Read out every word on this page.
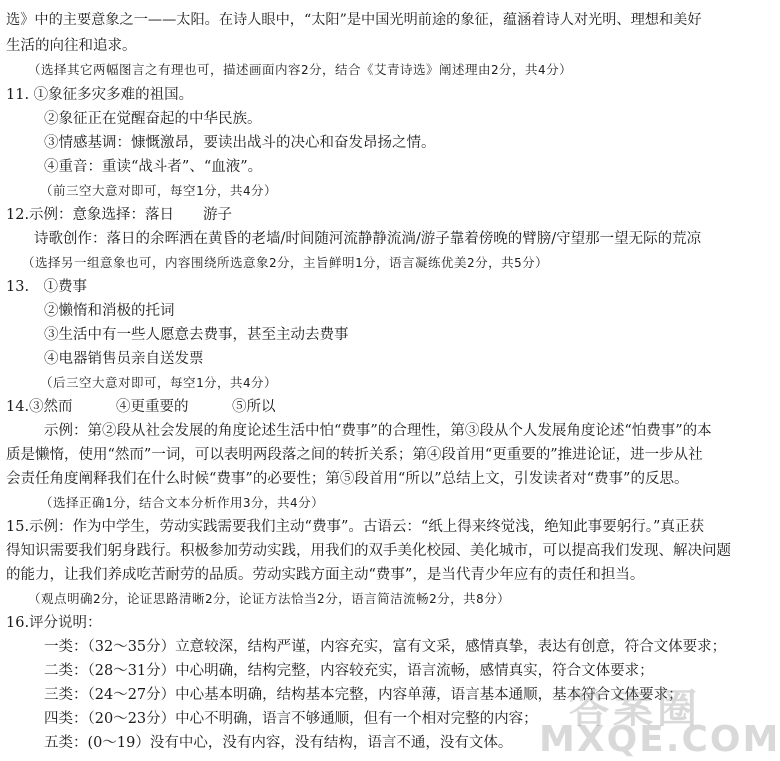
选》中的主要意象之一——太阳。在诗人眼中，“太阳”是中国光明前途的象征，蕴涵着诗人对光明、理想和美好
生活的向往和追求。
（选择其它两幅图言之有理也可，描述画面内容2分，结合《艾青诗选》阐述理由2分，共4分）
11. ①象征多灾多难的祖国。
②象征正在觉醒奋起的中华民族。
③情感基调：慷慨激昂，要读出战斗的决心和奋发昂扬之情。
④重音：重读“战斗者”、“血液”。
（前三空大意对即可，每空1分，共4分）
12.示例：意象选择：落日　　游子
诗歌创作：落日的余晖洒在黄昏的老墙/时间随河流静静流淌/游子靠着傍晚的臂膀/守望那一望无际的荒凉
（选择另一组意象也可，内容围绕所选意象2分，主旨鲜明1分，语言凝练优美2分，共5分）
13.　①费事
②懒惰和消极的托词
③生活中有一些人愿意去费事，甚至主动去费事
④电器销售员亲自送发票
（后三空大意对即可，每空1分，共4分）
14.③然而　　　④更重要的　　　⑤所以
示例：第②段从社会发展的角度论述生活中怕“费事”的合理性，第③段从个人发展角度论述“怕费事”的本
质是懒惰，使用“然而”一词，可以表明两段落之间的转折关系；第④段首用“更重要的”推进论证，进一步从社
会责任角度阐释我们在什么时候“费事”的必要性；第⑤段首用“所以”总结上文，引发读者对“费事”的反思。
（选择正确1分，结合文本分析作用3分，共4分）
15.示例：作为中学生，劳动实践需要我们主动“费事”。古语云：“纸上得来终觉浅，绝知此事要躬行。”真正获
得知识需要我们躬身践行。积极参加劳动实践，用我们的双手美化校园、美化城市，可以提高我们发现、解决问题
的能力，让我们养成吃苦耐劳的品质。劳动实践方面主动“费事”，是当代青少年应有的责任和担当。
（观点明确2分，论证思路清晰2分，论证方法恰当2分，语言简洁流畅2分，共8分）
16.评分说明：
一类：（32～35分）立意较深，结构严谨，内容充实，富有文采，感情真挚，表达有创意，符合文体要求；
二类：（28～31分）中心明确，结构完整，内容较充实，语言流畅，感情真实，符合文体要求；
三类：（24～27分）中心基本明确，结构基本完整，内容单薄，语言基本通顺，基本符合文体要求；
四类：（20～23分）中心不明确，语言不够通顺，但有一个相对完整的内容；
五类：(0～19）没有中心，没有内容，没有结构，语言不通，没有文体。
答案圈
MXQE.COM
